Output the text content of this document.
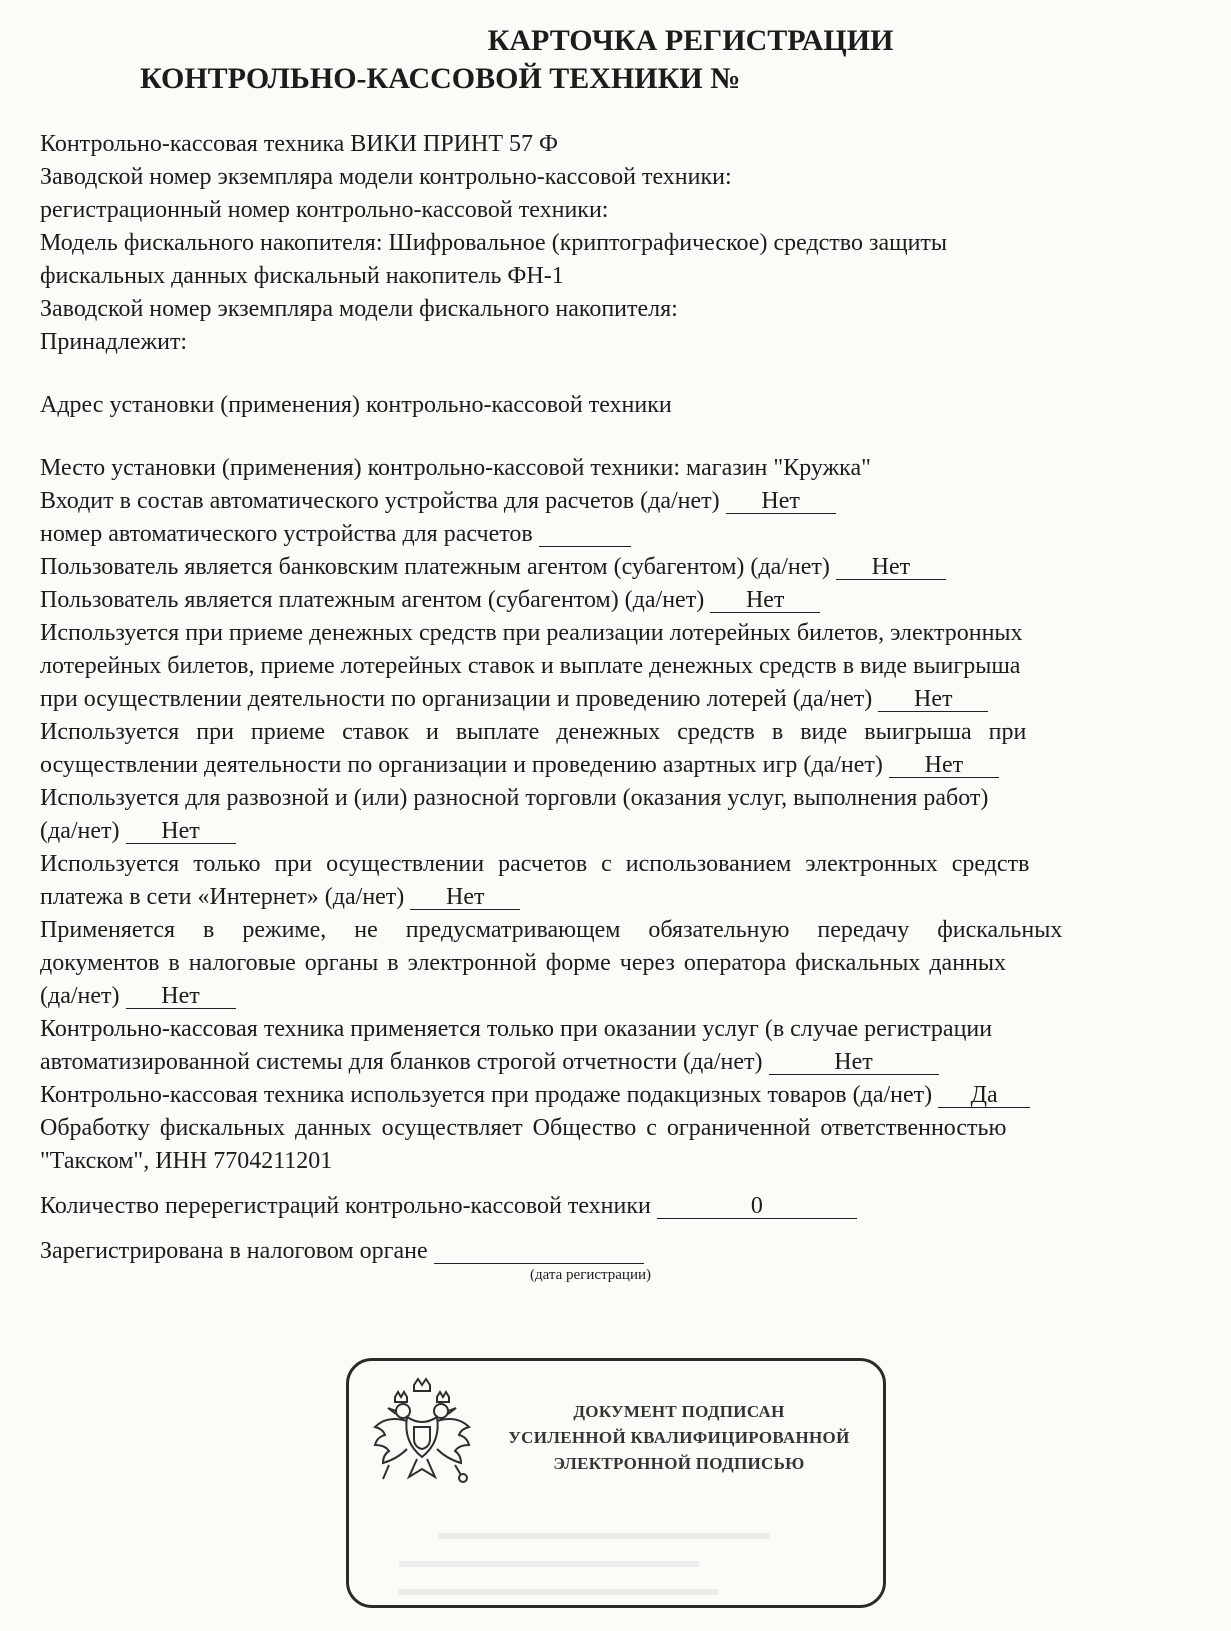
КАРТОЧКА РЕГИСТРАЦИИ
КОНТРОЛЬНО-КАССОВОЙ ТЕХНИКИ №
Контрольно-кассовая техника ВИКИ ПРИНТ 57 Ф
Заводской номер экземпляра модели контрольно-кассовой техники:
регистрационный номер контрольно-кассовой техники:
Модель фискального накопителя: Шифровальное (криптографическое) средство защиты
фискальных данных фискальный накопитель ФН-1
Заводской номер экземпляра модели фискального накопителя:
Принадлежит:
Адрес установки (применения) контрольно-кассовой техники
Место установки (применения) контрольно-кассовой техники: магазин "Кружка"
Входит в состав автоматического устройства для расчетов (да/нет) Нет
номер автоматического устройства для расчетов
Пользователь является банковским платежным агентом (субагентом) (да/нет) Нет
Пользователь является платежным агентом (субагентом) (да/нет) Нет
Используется при приеме денежных средств при реализации лотерейных билетов, электронных
лотерейных билетов, приеме лотерейных ставок и выплате денежных средств в виде выигрыша
при осуществлении деятельности по организации и проведению лотерей (да/нет) Нет
Используется при приеме ставок и выплате денежных средств в виде выигрыша при
осуществлении деятельности по организации и проведению азартных игр (да/нет) Нет
Используется для развозной и (или) разносной торговли (оказания услуг, выполнения работ)
(да/нет) Нет
Используется только при осуществлении расчетов с использованием электронных средств
платежа в сети «Интернет» (да/нет) Нет
Применяется в режиме, не предусматривающем обязательную передачу фискальных
документов в налоговые органы в электронной форме через оператора фискальных данных
(да/нет) Нет
Контрольно-кассовая техника применяется только при оказании услуг (в случае регистрации
автоматизированной системы для бланков строгой отчетности (да/нет)	Нет
Контрольно-кассовая техника используется при продаже подакцизных товаров (да/нет) Да
Обработку фискальных данных осуществляет Общество с ограниченной ответственностью
"Такском", ИНН 7704211201
Количество перерегистраций контрольно-кассовой техники	0
Зарегистрирована в налоговом органе
(дата регистрации)
ДОКУМЕНТ ПОДПИСАН
УСИЛЕННОЙ КВАЛИФИЦИРОВАННОЙ
ЭЛЕКТРОННОЙ ПОДПИСЬЮ
